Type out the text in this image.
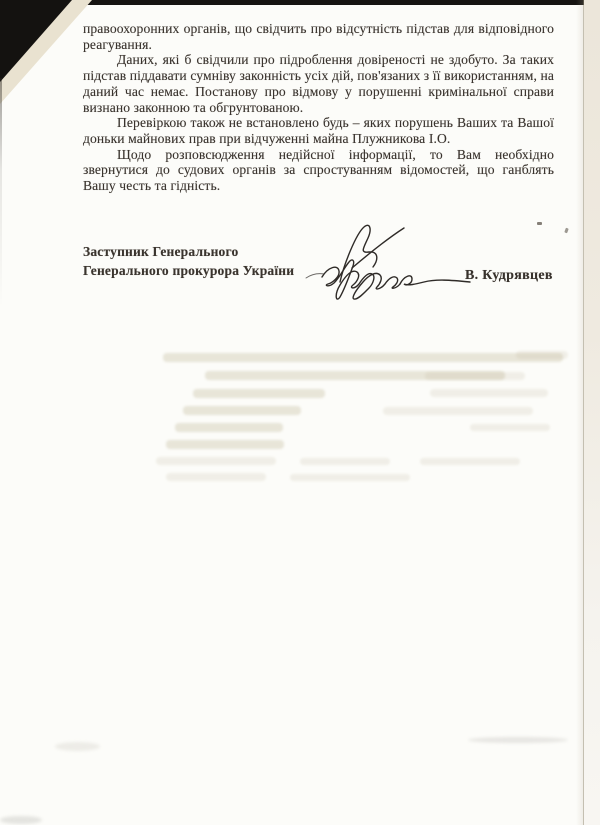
правоохоронних органів, що свідчить про відсутність підстав для відповідного реагування.

Даних, які б свідчили про підроблення довіреності не здобуто. За таких підстав піддавати сумніву законність усіх дій, пов'язаних з її використанням, на даний час немає. Постанову про відмову у порушенні кримінальної справи визнано законною та обгрунтованою.

Перевіркою також не встановлено будь – яких порушень Ваших та Вашої доньки майнових прав при відчуженні майна Плужникова І.О.

Щодо розповсюдження недійсної інформації, то Вам необхідно звернутися до судових органів за спростуванням відомостей, що ганблять Вашу честь та гідність.

Заступник Генерального
Генерального прокурора України	В. Кудрявцев
